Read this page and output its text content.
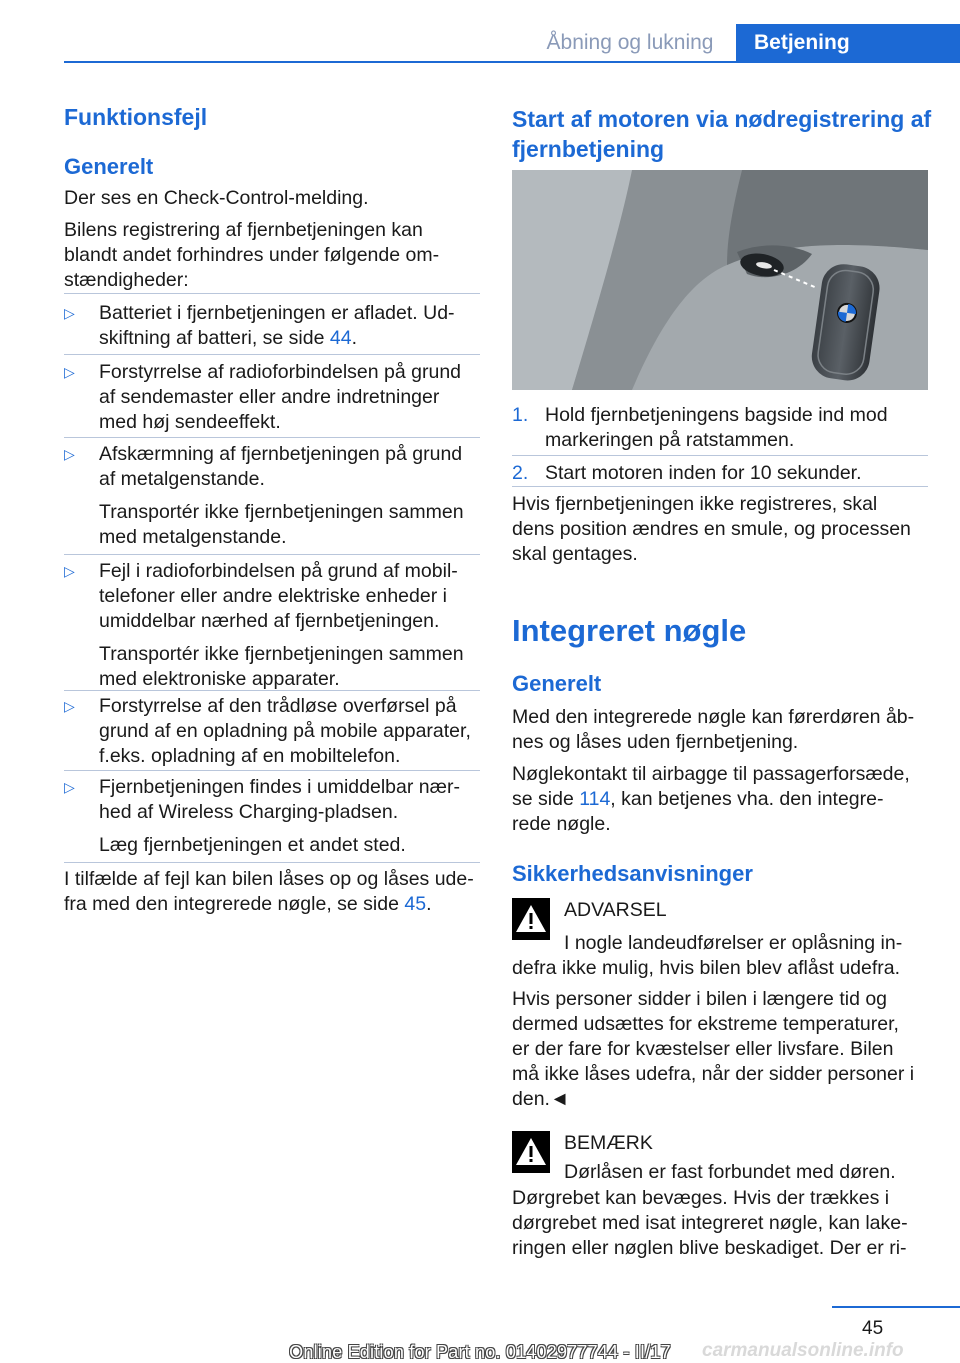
Åbning og lukning	Betjening
Funktionsfejl
Generelt

Der ses en Check-Control-melding.

Bilens registrering af fjernbetjeningen kan
blandt andet forhindres under følgende om-
stændigheder:
▷	Batteriet i fjernbetjeningen er afladet. Ud-
skiftning af batteri, se side 44.
▷	Forstyrrelse af radioforbindelsen på grund
af sendemaster eller andre indretninger
med høj sendeeffekt.
▷	Afskærmning af fjernbetjeningen på grund
af metalgenstande.
Transportér ikke fjernbetjeningen sammen
med metalgenstande.
▷	Fejl i radioforbindelsen på grund af mobil-
telefoner eller andre elektriske enheder i
umiddelbar nærhed af fjernbetjeningen.
Transportér ikke fjernbetjeningen sammen
med elektroniske apparater.
▷	Forstyrrelse af den trådløse overførsel på
grund af en opladning på mobile apparater,
f.eks. opladning af en mobiltelefon.
▷	Fjernbetjeningen findes i umiddelbar nær-
hed af Wireless Charging-pladsen.
Læg fjernbetjeningen et andet sted.
I tilfælde af fejl kan bilen låses op og låses ude-
fra med den integrerede nøgle, se side 45.
Start af motoren via nødregistrering af
fjernbetjening
1. Hold fjernbetjeningens bagside ind mod
markeringen på ratstammen.
2. Start motoren inden for 10 sekunder.
Hvis fjernbetjeningen ikke registreres, skal
dens position ændres en smule, og processen
skal gentages.
Integreret nøgle
Generelt
Med den integrerede nøgle kan førerdøren åb-
nes og låses uden fjernbetjening.
Nøglekontakt til airbagge til passagerforsæde,
se side 114, kan betjenes vha. den integre-
rede nøgle.
Sikkerhedsanvisninger
ADVARSEL
I nogle landeudførelser er oplåsning in-
defra ikke mulig, hvis bilen blev aflåst udefra.
Hvis personer sidder i bilen i længere tid og
dermed udsættes for ekstreme temperaturer,
er der fare for kvæstelser eller livsfare. Bilen
må ikke låses udefra, når der sidder personer i
den.◄
BEMÆRK
Dørlåsen er fast forbundet med døren.
Dørgrebet kan bevæges. Hvis der trækkes i
dørgrebet med isat integreret nøgle, kan lake-
ringen eller nøglen blive beskadiget. Der er ri-
45
carmanualsonline.info
Online Edition for Part no. 01402977744 - II/17
